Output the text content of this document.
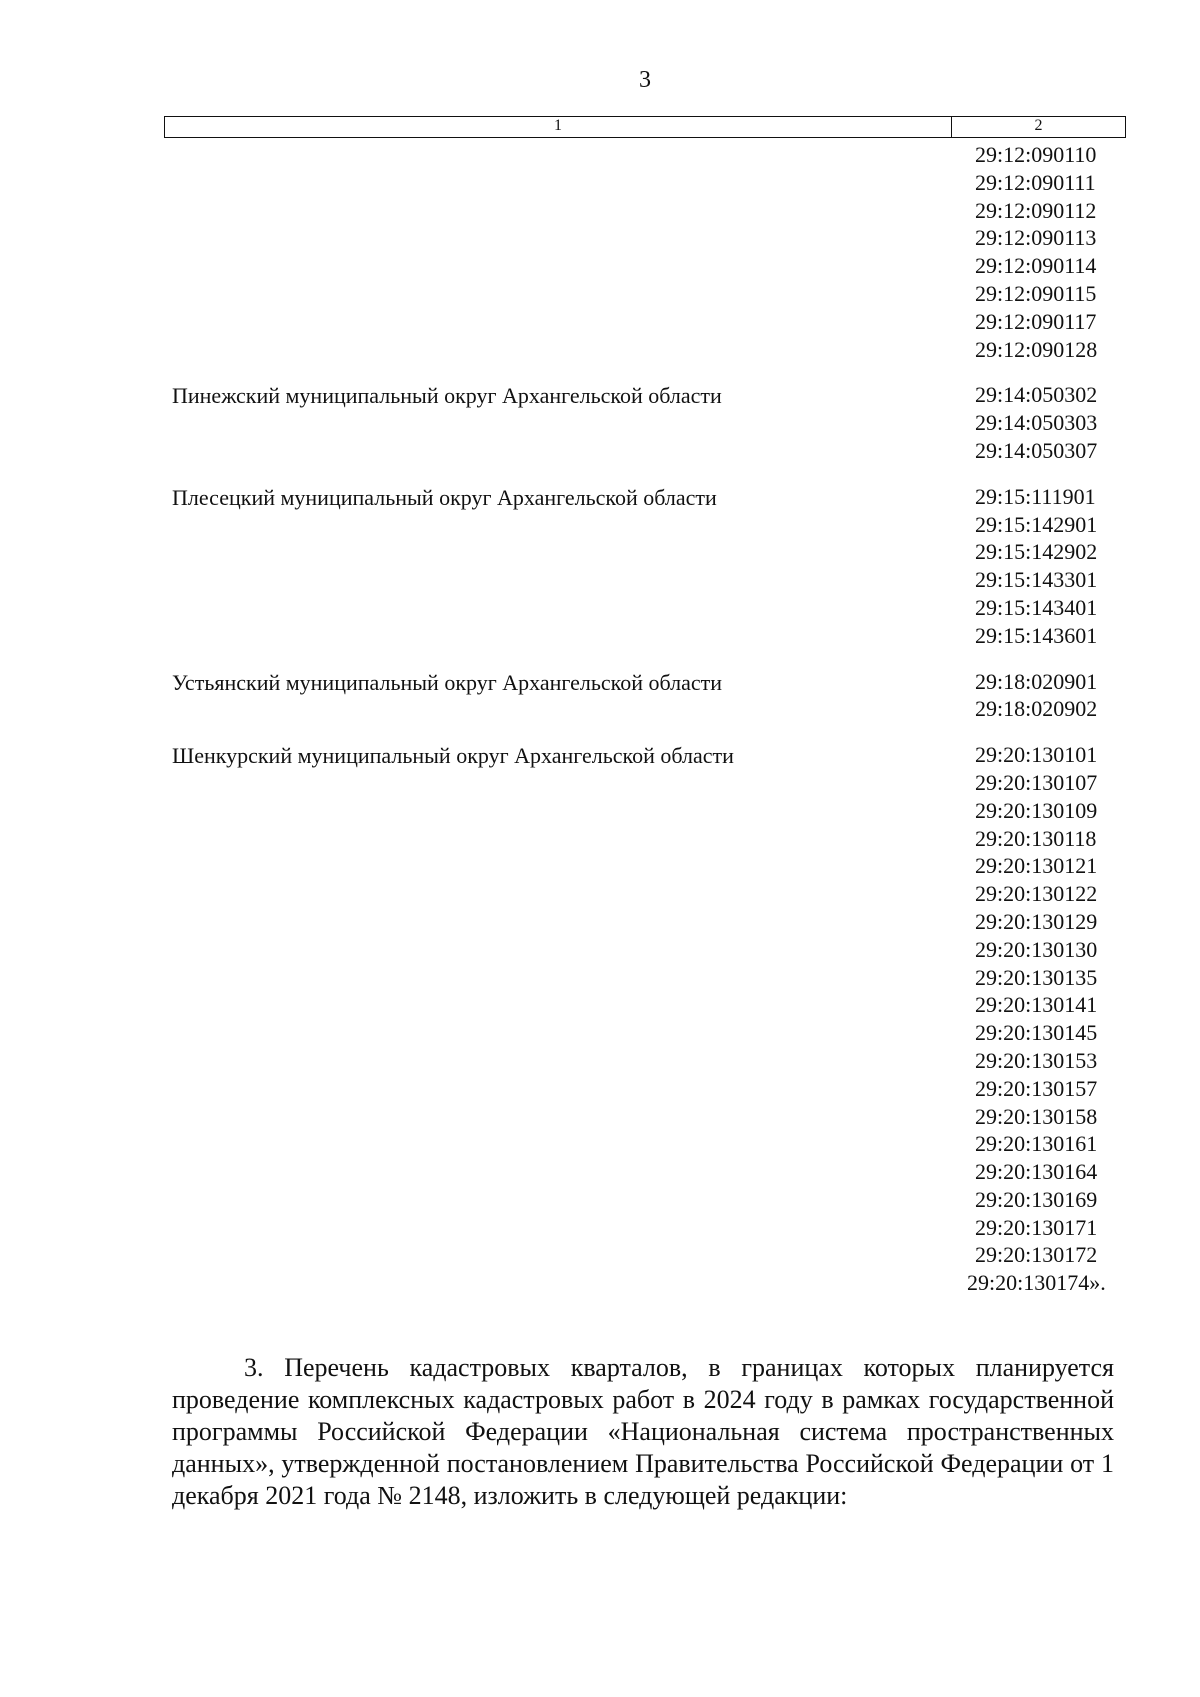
3
1	2
29:12:090110
29:12:090111
29:12:090112
29:12:090113
29:12:090114
29:12:090115
29:12:090117
29:12:090128
Пинежский муниципальный округ Архангельской области	29:14:050302
29:14:050303
29:14:050307
Плесецкий муниципальный округ Архангельской области	29:15:111901
29:15:142901
29:15:142902
29:15:143301
29:15:143401
29:15:143601
Устьянский муниципальный округ Архангельской области	29:18:020901
29:18:020902
Шенкурский муниципальный округ Архангельской области	29:20:130101
29:20:130107
29:20:130109
29:20:130118
29:20:130121
29:20:130122
29:20:130129
29:20:130130
29:20:130135
29:20:130141
29:20:130145
29:20:130153
29:20:130157
29:20:130158
29:20:130161
29:20:130164
29:20:130169
29:20:130171
29:20:130172
29:20:130174».

3. Перечень кадастровых кварталов, в границах которых планируется проведение комплексных кадастровых работ в 2024 году в рамках государственной программы Российской Федерации «Национальная система пространственных данных», утвержденной постановлением Правительства Российской Федерации от 1 декабря 2021 года № 2148, изложить в следующей редакции:
